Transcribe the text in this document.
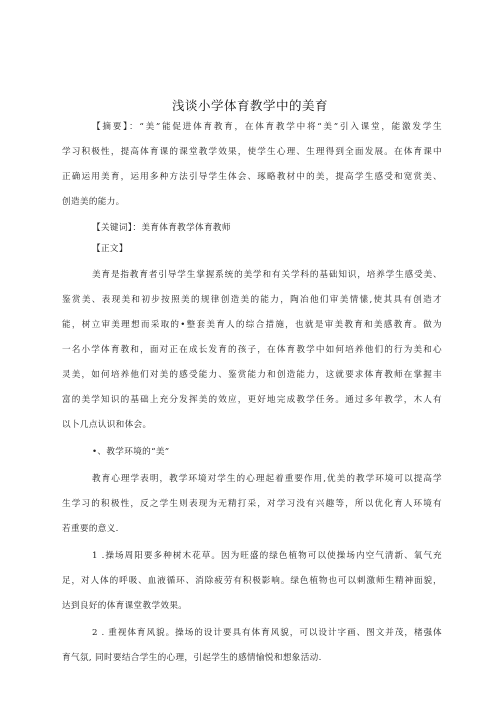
浅谈小学体育教学中的美育
【摘要】：“美”能促进体育教育，在体育教学中将“美”引入课堂，能激发学生
学习积极性，提高体育课的课堂教学效果，使学生心理、生理得到全面发展。在体育课中
正确运用美育，运用多种方法引导学生体会、琢略教材中的美，提高学生感受和宽赏美、
创造美的能力。
【关键词】：美育体育教学体育教师
【正文】
美育是指教育者引导学生掌握系统的美学和有关学科的基础知识，培养学生感受美、
鉴赏美、表现美和初步按照美的规律创造美的能力，陶冶他们审美情愫,使其具有创造才
能，树立审美理想而采取的•整套美育人的综合措施，也就是审美教育和美感教育。做为
一名小学体育教和，面对正在成长发育的孩子，在体育教学中如何培养他们的行为美和心
灵美，如何培养他们对美的感受能力、鉴赏能力和创造能力，这就要求体育教师在掌握丰
富的美学知识的基础上充分发挥美的效应，更好地完成教学任务。通过多年教学，木人有
以卜几点认识和体会。
•、教学环境的“美”
教育心理学表明，教学环境对学生的心理起着重要作用,优美的教学环境可以提高学
生学习的积极性，反之学生则表现为无精打采，对学习没有兴趣等，所以优化育人环境有
若重要的意义.
1 .操场周阳要多种树木花草。因为旺盛的绿色植物可以使操场内空气清新、氧气充
足，对人体的呼吸、血液循环、消除疲劳有积极影响。绿色植物也可以刺激师生精神面貌，
达到良好的体育课堂教学效果。
2 . 重视体育风貌。操场的设计要具有体育风貌，可以设计字画、图文并茂，楮强体
育气氛, 同时要结合学生的心理，引起学生的感情愉悦和想象活动.
